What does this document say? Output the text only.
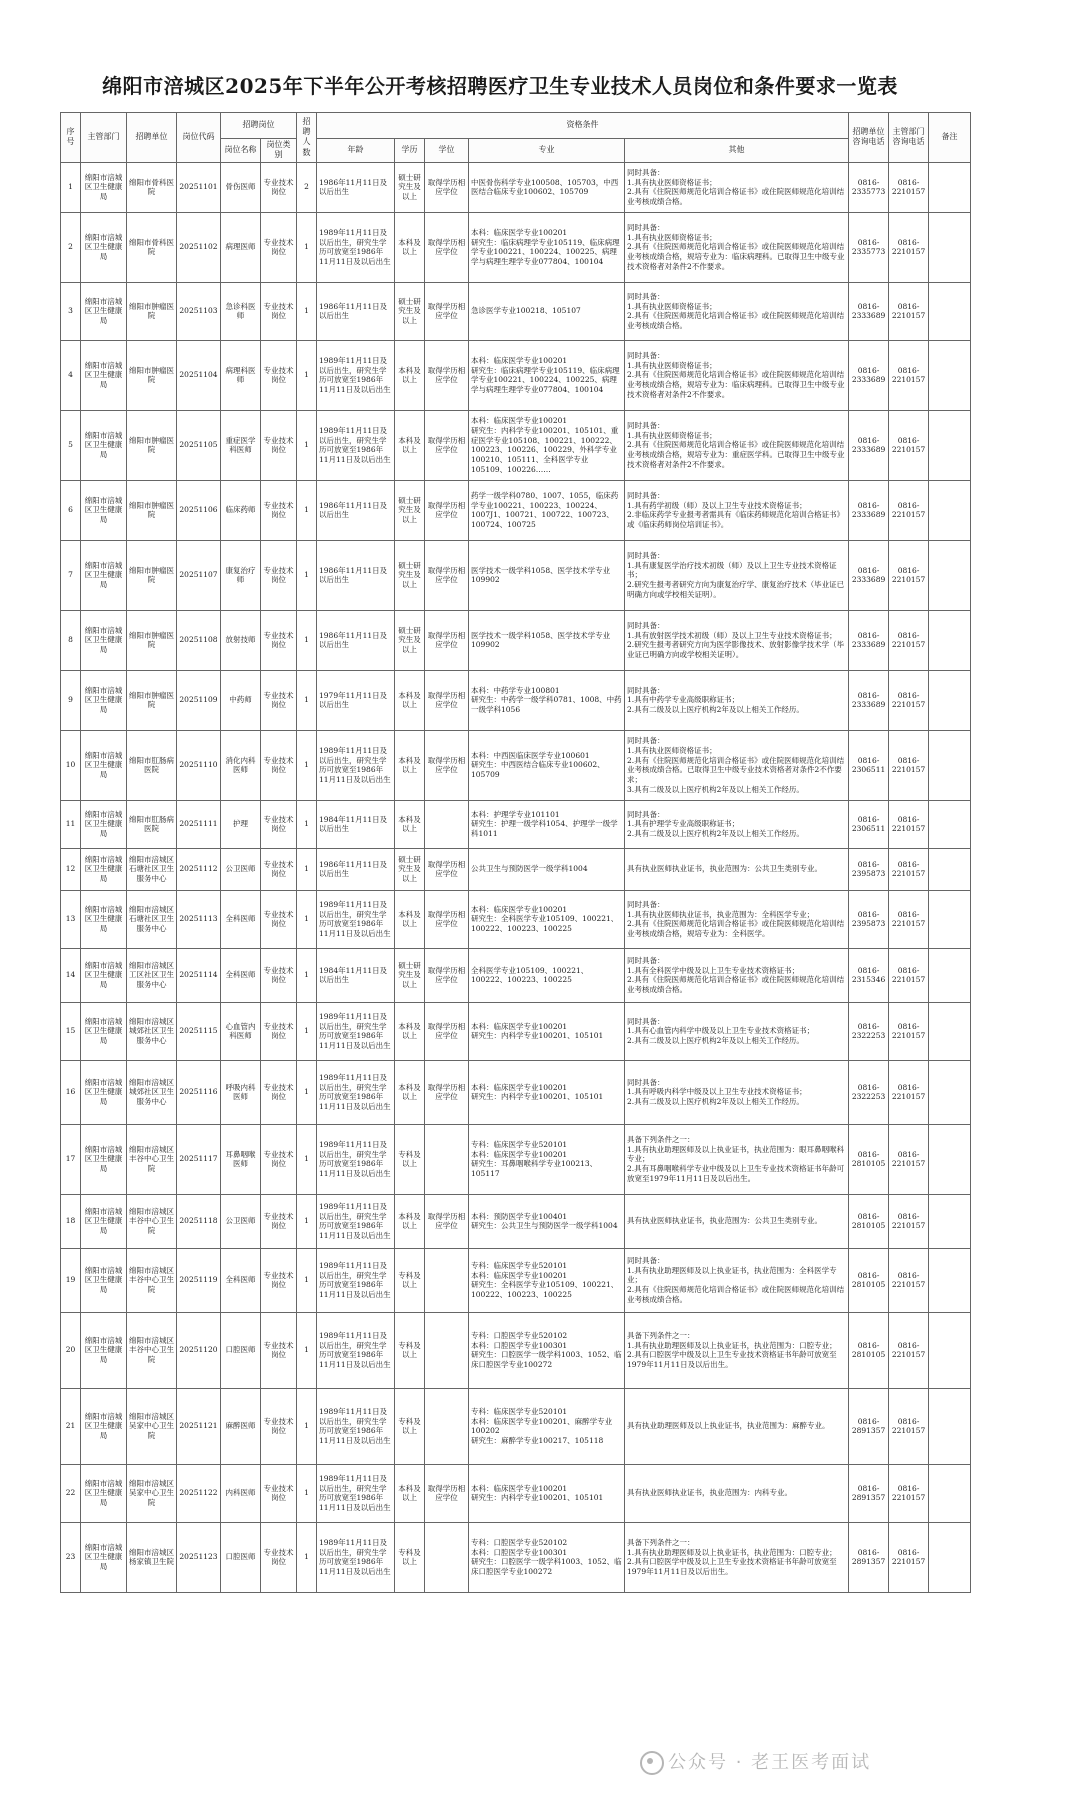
绵阳市涪城区2025年下半年公开考核招聘医疗卫生专业技术人员岗位和条件要求一览表
序号	主管部门	招聘单位	岗位代码	招聘岗位		招聘人数	资格条件					招聘单位咨询电话	主管部门咨询电话	备注
				岗位名称	岗位类别		年龄	学历	学位	专业	其他			
1	绵阳市涪城区卫生健康局	绵阳市骨科医院	20251101	骨伤医师	专业技术岗位	2	1986年11月11日及以后出生	硕士研究生及以上	取得学历相应学位	中医骨伤科学专业100508、105703，中西医结合临床专业100602、105709	同时具备：
1.具有执业医师资格证书；
2.具有《住院医师规范化培训合格证书》或住院医师规范化培训结业考核成绩合格。	0816-2335773	0816-2210157	
2	绵阳市涪城区卫生健康局	绵阳市骨科医院	20251102	病理医师	专业技术岗位	1	1989年11月11日及以后出生，研究生学历可放宽至1986年11月11日及以后出生	本科及以上	取得学历相应学位	本科：临床医学专业100201
研究生：临床病理学专业105119、临床病理学专业100221、100224、100225、病理学与病理生理学专业077804、100104	同时具备：
1.具有执业医师资格证书；
2.具有《住院医师规范化培训合格证书》或住院医师规范化培训结业考核成绩合格，规培专业为：临床病理科。已取得卫生中级专业技术资格者对条件2不作要求。	0816-2335773	0816-2210157	
3	绵阳市涪城区卫生健康局	绵阳市肿瘤医院	20251103	急诊科医师	专业技术岗位	1	1986年11月11日及以后出生	硕士研究生及以上	取得学历相应学位	急诊医学专业100218、105107	同时具备：
1.具有执业医师资格证书；
2.具有《住院医师规范化培训合格证书》或住院医师规范化培训结业考核成绩合格。	0816-2333689	0816-2210157	
4	绵阳市涪城区卫生健康局	绵阳市肿瘤医院	20251104	病理科医师	专业技术岗位	1	1989年11月11日及以后出生，研究生学历可放宽至1986年11月11日及以后出生	本科及以上	取得学历相应学位	本科：临床医学专业100201
研究生：临床病理学专业105119、临床病理学专业100221、100224、100225、病理学与病理生理学专业077804、100104	同时具备：
1.具有执业医师资格证书；
2.具有《住院医师规范化培训合格证书》或住院医师规范化培训结业考核成绩合格，规培专业为：临床病理科。已取得卫生中级专业技术资格者对条件2不作要求。	0816-2333689	0816-2210157	
5	绵阳市涪城区卫生健康局	绵阳市肿瘤医院	20251105	重症医学科医师	专业技术岗位	1	1989年11月11日及以后出生，研究生学历可放宽至1986年11月11日及以后出生	本科及以上	取得学历相应学位	本科：临床医学专业100201
研究生：内科学专业100201、105101、重症医学专业105108、100221、100222、100223、100226、100229、外科学专业100210、105111、全科医学专业105109、100226……	同时具备：
1.具有执业医师资格证书；
2.具有《住院医师规范化培训合格证书》或住院医师规范化培训结业考核成绩合格，规培专业为：重症医学科。已取得卫生中级专业技术资格者对条件2不作要求。	0816-2333689	0816-2210157	
6	绵阳市涪城区卫生健康局	绵阳市肿瘤医院	20251106	临床药师	专业技术岗位	1	1986年11月11日及以后出生	硕士研究生及以上	取得学历相应学位	药学一级学科0780、1007、1055，临床药学专业100221、100223、100224、1007J1、100721、100722、100723、100724、100725	同时具备：
1.具有药学初级（师）及以上卫生专业技术资格证书；
2.非临床药学专业报考者需具有《临床药师规范化培训合格证书》或《临床药师岗位培训证书》。	0816-2333689	0816-2210157	
7	绵阳市涪城区卫生健康局	绵阳市肿瘤医院	20251107	康复治疗师	专业技术岗位	1	1986年11月11日及以后出生	硕士研究生及以上	取得学历相应学位	医学技术一级学科1058、医学技术学专业109902	同时具备：
1.具有康复医学治疗技术初级（师）及以上卫生专业技术资格证书；
2.研究生报考者研究方向为康复治疗学、康复治疗技术（毕业证已明确方向或学校相关证明）。	0816-2333689	0816-2210157	
8	绵阳市涪城区卫生健康局	绵阳市肿瘤医院	20251108	放射技师	专业技术岗位	1	1986年11月11日及以后出生	硕士研究生及以上	取得学历相应学位	医学技术一级学科1058、医学技术学专业109902	同时具备：
1.具有放射医学技术初级（师）及以上卫生专业技术资格证书；
2.研究生报考者研究方向为医学影像技术、放射影像学技术学（毕业证已明确方向或学校相关证明）。	0816-2333689	0816-2210157	
9	绵阳市涪城区卫生健康局	绵阳市肿瘤医院	20251109	中药师	专业技术岗位	1	1979年11月11日及以后出生	本科及以上	取得学历相应学位	本科：中药学专业100801
研究生：中药学一级学科0781、1008、中药一级学科1056	同时具备：
1.具有中药学专业高级职称证书；
2.具有二级及以上医疗机构2年及以上相关工作经历。	0816-2333689	0816-2210157	
10	绵阳市涪城区卫生健康局	绵阳市肛肠病医院	20251110	消化内科医师	专业技术岗位	1	1989年11月11日及以后出生，研究生学历可放宽至1986年11月11日及以后出生	本科及以上	取得学历相应学位	本科：中西医临床医学专业100601
研究生：中西医结合临床专业100602、105709	同时具备：
1.具有执业医师资格证书；
2.具有《住院医师规范化培训合格证书》或住院医师规范化培训结业考核成绩合格。已取得卫生中级专业技术资格者对条件2不作要求；
3.具有二级及以上医疗机构2年及以上相关工作经历。	0816-2306511	0816-2210157	
11	绵阳市涪城区卫生健康局	绵阳市肛肠病医院	20251111	护理	专业技术岗位	1	1984年11月11日及以后出生	本科及以上		本科：护理学专业101101
研究生：护理一级学科1054、护理学一级学科1011	同时具备：
1.具有护理学专业高级职称证书；
2.具有二级及以上医疗机构2年及以上相关工作经历。	0816-2306511	0816-2210157	
12	绵阳市涪城区卫生健康局	绵阳市涪城区石塘社区卫生服务中心	20251112	公卫医师	专业技术岗位	1	1986年11月11日及以后出生	硕士研究生及以上	取得学历相应学位	公共卫生与预防医学一级学科1004	具有执业医师执业证书，执业范围为：公共卫生类别专业。	0816-2395873	0816-2210157	
13	绵阳市涪城区卫生健康局	绵阳市涪城区石塘社区卫生服务中心	20251113	全科医师	专业技术岗位	1	1989年11月11日及以后出生，研究生学历可放宽至1986年11月11日及以后出生	本科及以上	取得学历相应学位	本科：临床医学专业100201
研究生：全科医学专业105109、100221、100222、100223、100225	同时具备：
1.具有执业医师执业证书，执业范围为：全科医学专业；
2.具有《住院医师规范化培训合格证书》或住院医师规范化培训结业考核成绩合格，规培专业为：全科医学。	0816-2395873	0816-2210157	
14	绵阳市涪城区卫生健康局	绵阳市涪城区工区社区卫生服务中心	20251114	全科医师	专业技术岗位	1	1984年11月11日及以后出生	硕士研究生及以上	取得学历相应学位	全科医学专业105109、100221、100222、100223、100225	同时具备：
1.具有全科医学中级及以上卫生专业技术资格证书；
2.具有《住院医师规范化培训合格证书》或住院医师规范化培训结业考核成绩合格。	0816-2315346	0816-2210157	
15	绵阳市涪城区卫生健康局	绵阳市涪城区城郊社区卫生服务中心	20251115	心血管内科医师	专业技术岗位	1	1989年11月11日及以后出生，研究生学历可放宽至1986年11月11日及以后出生	本科及以上	取得学历相应学位	本科：临床医学专业100201
研究生：内科学专业100201、105101	同时具备：
1.具有心血管内科学中级及以上卫生专业技术资格证书；
2.具有二级及以上医疗机构2年及以上相关工作经历。	0816-2322253	0816-2210157	
16	绵阳市涪城区卫生健康局	绵阳市涪城区城郊社区卫生服务中心	20251116	呼吸内科医师	专业技术岗位	1	1989年11月11日及以后出生，研究生学历可放宽至1986年11月11日及以后出生	本科及以上	取得学历相应学位	本科：临床医学专业100201
研究生：内科学专业100201、105101	同时具备：
1.具有呼吸内科学中级及以上卫生专业技术资格证书；
2.具有二级及以上医疗机构2年及以上相关工作经历。	0816-2322253	0816-2210157	
17	绵阳市涪城区卫生健康局	绵阳市涪城区丰谷中心卫生院	20251117	耳鼻咽喉医师	专业技术岗位	1	1989年11月11日及以后出生，研究生学历可放宽至1986年11月11日及以后出生	专科及以上		专科：临床医学专业520101
本科：临床医学专业100201
研究生：耳鼻咽喉科学专业100213、105117	具备下列条件之一：
1.具有执业助理医师及以上执业证书，执业范围为：眼耳鼻咽喉科专业；
2.具有耳鼻咽喉科学专业中级及以上卫生专业技术资格证书年龄可放宽至1979年11月11日及以后出生。	0816-2810105	0816-2210157	
18	绵阳市涪城区卫生健康局	绵阳市涪城区丰谷中心卫生院	20251118	公卫医师	专业技术岗位	1	1989年11月11日及以后出生，研究生学历可放宽至1986年11月11日及以后出生	本科及以上	取得学历相应学位	本科：预防医学专业100401
研究生：公共卫生与预防医学一级学科1004	具有执业医师执业证书，执业范围为：公共卫生类别专业。	0816-2810105	0816-2210157	
19	绵阳市涪城区卫生健康局	绵阳市涪城区丰谷中心卫生院	20251119	全科医师	专业技术岗位	1	1989年11月11日及以后出生，研究生学历可放宽至1986年11月11日及以后出生	专科及以上		专科：临床医学专业520101
本科：临床医学专业100201
研究生：全科医学专业105109、100221、100222、100223、100225	同时具备：
1.具有执业助理医师及以上执业证书，执业范围为：全科医学专业；
2.具有《住院医师规范化培训合格证书》或住院医师规范化培训结业考核成绩合格。	0816-2810105	0816-2210157	
20	绵阳市涪城区卫生健康局	绵阳市涪城区丰谷中心卫生院	20251120	口腔医师	专业技术岗位	1	1989年11月11日及以后出生，研究生学历可放宽至1986年11月11日及以后出生	专科及以上		专科：口腔医学专业520102
本科：口腔医学专业100301
研究生：口腔医学一级学科1003、1052、临床口腔医学专业100272	具备下列条件之一：
1.具有执业助理医师及以上执业证书，执业范围为：口腔专业；
2.具有口腔医学中级及以上卫生专业技术资格证书年龄可放宽至1979年11月11日及以后出生。	0816-2810105	0816-2210157	
21	绵阳市涪城区卫生健康局	绵阳市涪城区吴家中心卫生院	20251121	麻醉医师	专业技术岗位	1	1989年11月11日及以后出生，研究生学历可放宽至1986年11月11日及以后出生	专科及以上		专科：临床医学专业520101
本科：临床医学专业100201、麻醉学专业100202
研究生：麻醉学专业100217、105118	具有执业助理医师及以上执业证书，执业范围为：麻醉专业。	0816-2891357	0816-2210157	
22	绵阳市涪城区卫生健康局	绵阳市涪城区吴家中心卫生院	20251122	内科医师	专业技术岗位	1	1989年11月11日及以后出生，研究生学历可放宽至1986年11月11日及以后出生	本科及以上	取得学历相应学位	本科：临床医学专业100201
研究生：内科学专业100201、105101	具有执业医师执业证书，执业范围为：内科专业。	0816-2891357	0816-2210157	
23	绵阳市涪城区卫生健康局	绵阳市涪城区杨家镇卫生院	20251123	口腔医师	专业技术岗位	1	1989年11月11日及以后出生，研究生学历可放宽至1986年11月11日及以后出生	专科及以上		专科：口腔医学专业520102
本科：口腔医学专业100301
研究生：口腔医学一级学科1003、1052、临床口腔医学专业100272	具备下列条件之一：
1.具有执业助理医师及以上执业证书，执业范围为：口腔专业；
2.具有口腔医学中级及以上卫生专业技术资格证书年龄可放宽至1979年11月11日及以后出生。	0816-2891357	0816-2210157	
公众号 · 老王医考面试
